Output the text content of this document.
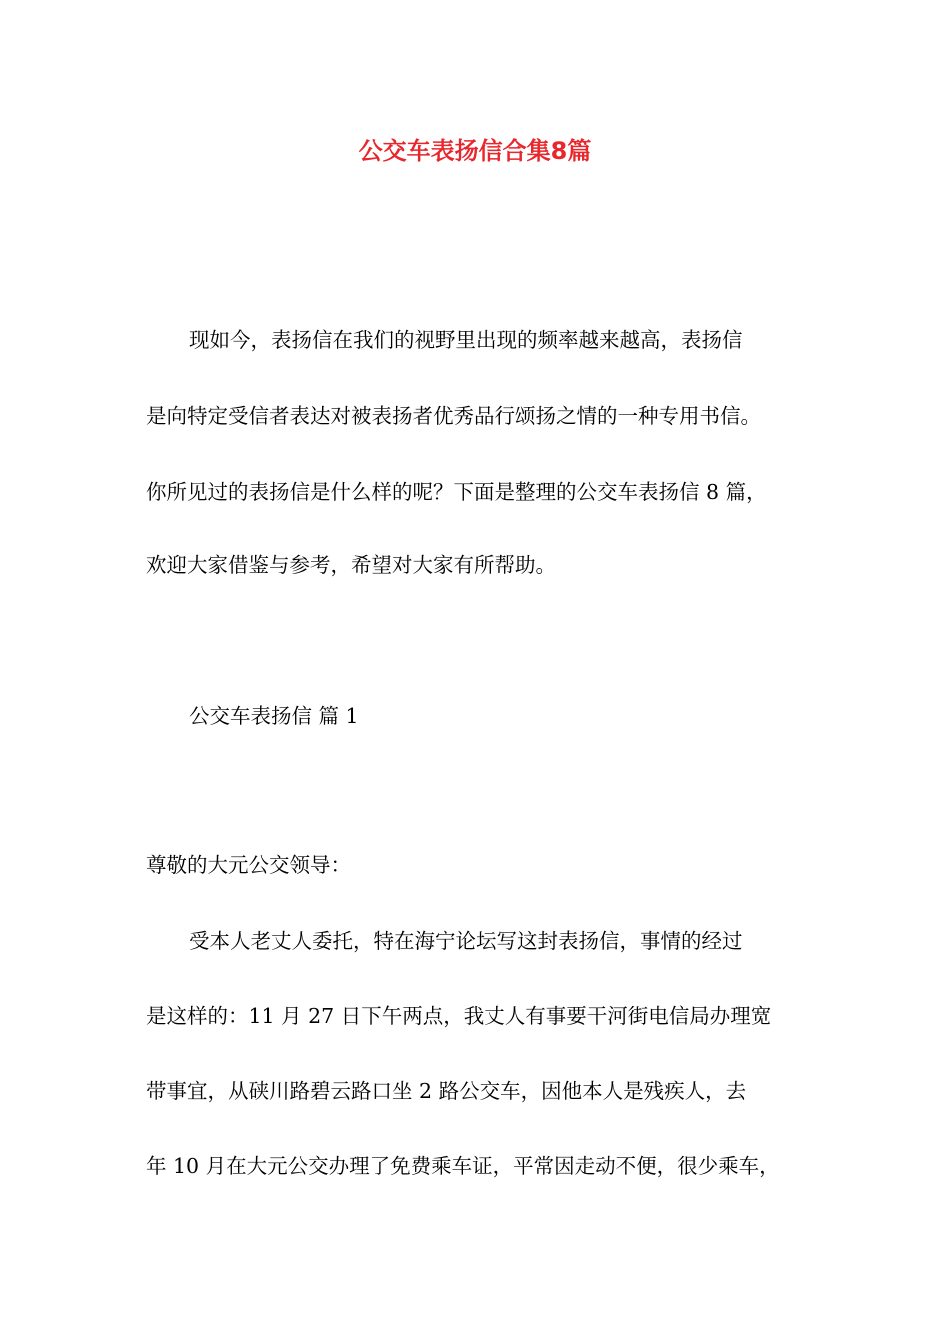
公交车表扬信合集8篇
现如今，表扬信在我们的视野里出现的频率越来越高，表扬信
是向特定受信者表达对被表扬者优秀品行颂扬之情的一种专用书信。
你所见过的表扬信是什么样的呢？下面是整理的公交车表扬信 8 篇，
欢迎大家借鉴与参考，希望对大家有所帮助。
公交车表扬信 篇 1
尊敬的大元公交领导：
受本人老丈人委托，特在海宁论坛写这封表扬信，事情的经过
是这样的：11 月 27 日下午两点，我丈人有事要干河街电信局办理宽
带事宜，从硖川路碧云路口坐 2 路公交车，因他本人是残疾人，去
年 10 月在大元公交办理了免费乘车证，平常因走动不便，很少乘车，
